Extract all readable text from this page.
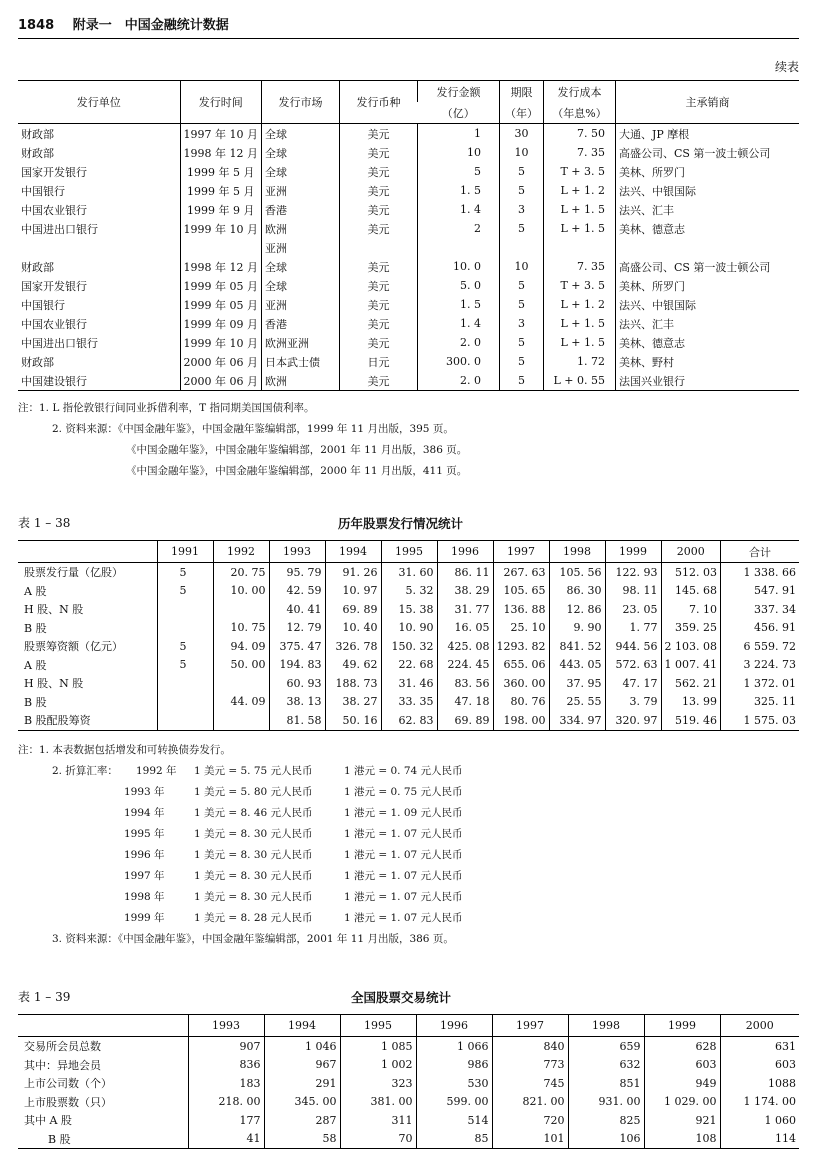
1848 附录一　中国金融统计数据
续表
发行单位	发行时间	发行市场	发行币种	发行金额	期限	发行成本	主承销商
				（亿）	（年）	（年息%）	
财政部	1997 年 10 月	全球	美元	1	30	7. 50	大通、JP 摩根
财政部	1998 年 12 月	全球	美元	10	10	7. 35	高盛公司、CS 第一波士顿公司
国家开发银行	1999 年 5 月	全球	美元	5	5	T + 3. 5	美林、所罗门
中国银行	1999 年 5 月	亚洲	美元	1. 5	5	L + 1. 2	法兴、中银国际
中国农业银行	1999 年 9 月	香港	美元	1. 4	3	L + 1. 5	法兴、汇丰
中国进出口银行	1999 年 10 月	欧洲	美元	2	5	L + 1. 5	美林、德意志
		亚洲					
财政部	1998 年 12 月	全球	美元	10. 0	10	7. 35	高盛公司、CS 第一波士顿公司
国家开发银行	1999 年 05 月	全球	美元	5. 0	5	T + 3. 5	美林、所罗门
中国银行	1999 年 05 月	亚洲	美元	1. 5	5	L + 1. 2	法兴、中银国际
中国农业银行	1999 年 09 月	香港	美元	1. 4	3	L + 1. 5	法兴、汇丰
中国进出口银行	1999 年 10 月	欧洲亚洲	美元	2. 0	5	L + 1. 5	美林、德意志
财政部	2000 年 06 月	日本武士债	日元	300. 0	5	1. 72	美林、野村
中国建设银行	2000 年 06 月	欧洲	美元	2. 0	5	L + 0. 55	法国兴业银行
注：1. L 指伦敦银行间同业拆借利率，T 指同期美国国债利率。
2. 资料来源：《中国金融年鉴》，中国金融年鉴编辑部，1999 年 11 月出版，395 页。
《中国金融年鉴》，中国金融年鉴编辑部，2001 年 11 月出版，386 页。
《中国金融年鉴》，中国金融年鉴编辑部，2000 年 11 月出版，411 页。
表 1 – 38	历年股票发行情况统计
	1991	1992	1993	1994	1995	1996	1997	1998	1999	2000	合计
股票发行量（亿股）	5	20. 75	95. 79	91. 26	31. 60	86. 11	267. 63	105. 56	122. 93	512. 03	1 338. 66
A 股	5	10. 00	42. 59	10. 97	5. 32	38. 29	105. 65	86. 30	98. 11	145. 68	547. 91
H 股、N 股			40. 41	69. 89	15. 38	31. 77	136. 88	12. 86	23. 05	7. 10	337. 34
B 股		10. 75	12. 79	10. 40	10. 90	16. 05	25. 10	9. 90	1. 77	359. 25	456. 91
股票筹资额（亿元）	5	94. 09	375. 47	326. 78	150. 32	425. 08	1293. 82	841. 52	944. 56	2 103. 08	6 559. 72
A 股	5	50. 00	194. 83	49. 62	22. 68	224. 45	655. 06	443. 05	572. 63	1 007. 41	3 224. 73
H 股、N 股			60. 93	188. 73	31. 46	83. 56	360. 00	37. 95	47. 17	562. 21	1 372. 01
B 股		44. 09	38. 13	38. 27	33. 35	47. 18	80. 76	25. 55	3. 79	13. 99	325. 11
B 股配股筹资			81. 58	50. 16	62. 83	69. 89	198. 00	334. 97	320. 97	519. 46	1 575. 03
注：1. 本表数据包括增发和可转换债券发行。
2. 折算汇率： 1992 年 1 美元 = 5. 75 元人民币	1 港元 = 0. 74 元人民币
1993 年	1 美元 = 5. 80 元人民币	1 港元 = 0. 75 元人民币
1994 年	1 美元 = 8. 46 元人民币	1 港元 = 1. 09 元人民币
1995 年	1 美元 = 8. 30 元人民币	1 港元 = 1. 07 元人民币
1996 年	1 美元 = 8. 30 元人民币	1 港元 = 1. 07 元人民币
1997 年	1 美元 = 8. 30 元人民币	1 港元 = 1. 07 元人民币
1998 年	1 美元 = 8. 30 元人民币	1 港元 = 1. 07 元人民币
1999 年	1 美元 = 8. 28 元人民币	1 港元 = 1. 07 元人民币
3. 资料来源：《中国金融年鉴》，中国金融年鉴编辑部，2001 年 11 月出版，386 页。
表 1 – 39	全国股票交易统计
	1993	1994	1995	1996	1997	1998	1999	2000
交易所会员总数	907	1 046	1 085	1 066	840	659	628	631
其中：异地会员	836	967	1 002	986	773	632	603	603
上市公司数（个）	183	291	323	530	745	851	949	1088
上市股票数（只）	218. 00	345. 00	381. 00	599. 00	821. 00	931. 00	1 029. 00	1 174. 00
其中 A 股	177	287	311	514	720	825	921	1 060
B 股	41	58	70	85	101	106	108	114
